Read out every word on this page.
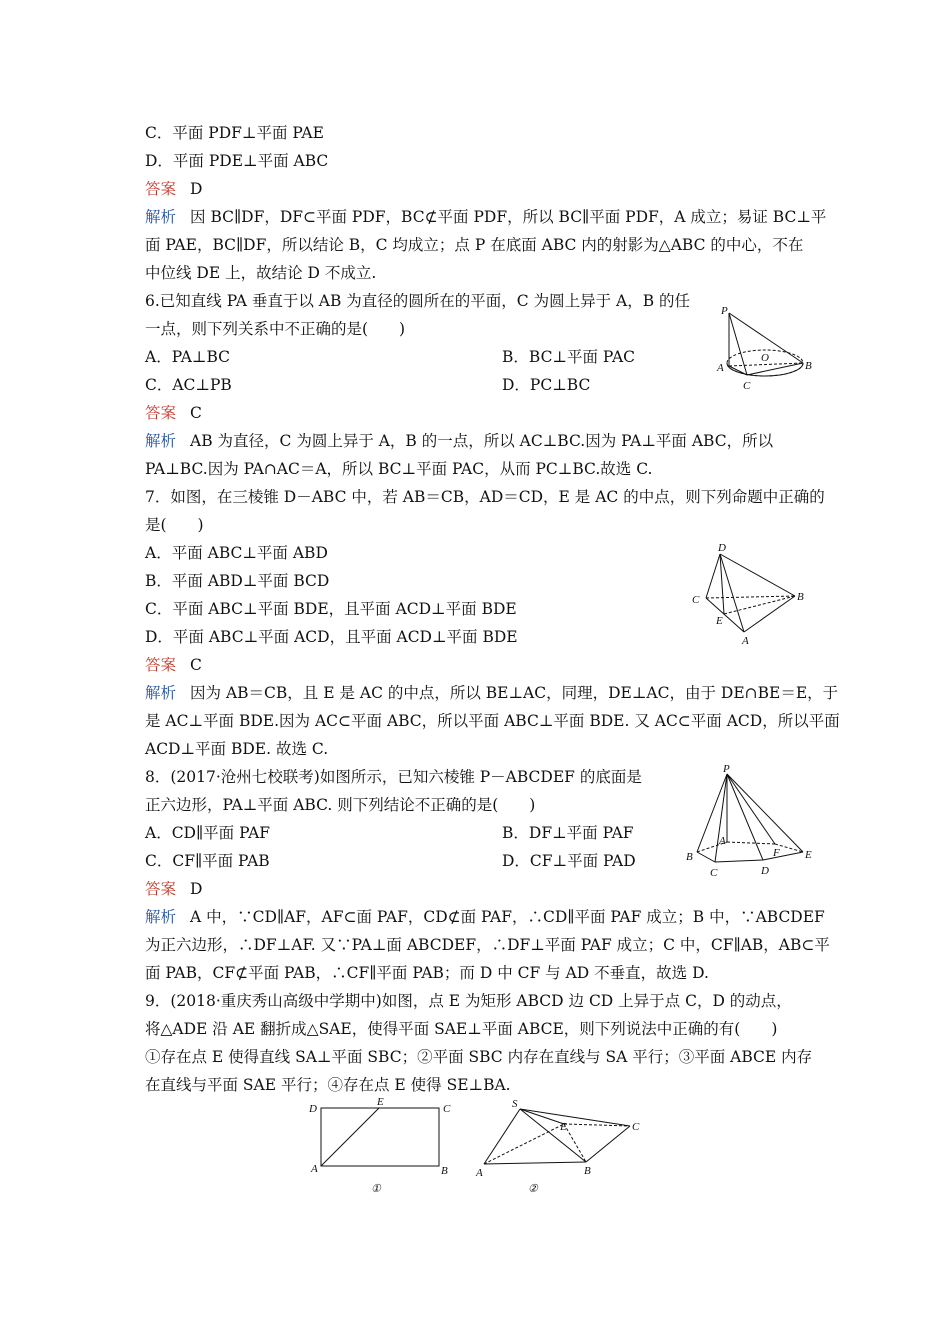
C．平面 PDF⊥平面 PAE
D．平面 PDE⊥平面 ABC
答案 D
解析 因 BC∥DF，DF⊂平面 PDF，BC⊄平面 PDF，所以 BC∥平面 PDF，A 成立；易证 BC⊥平
面 PAE，BC∥DF，所以结论 B，C 均成立；点 P 在底面 ABC 内的射影为△ABC 的中心，不在
中位线 DE 上，故结论 D 不成立.
6.已知直线 PA 垂直于以 AB 为直径的圆所在的平面，C 为圆上异于 A，B 的任
一点，则下列关系中不正确的是(　　)
A．PA⊥BC	B．BC⊥平面 PAC
C．AC⊥PB	D．PC⊥BC
答案 C
解析 AB 为直径，C 为圆上异于 A，B 的一点，所以 AC⊥BC.因为 PA⊥平面 ABC，所以
PA⊥BC.因为 PA∩AC＝A，所以 BC⊥平面 PAC，从而 PC⊥BC.故选 C.
7．如图，在三棱锥 D－ABC 中，若 AB＝CB，AD＝CD，E 是 AC 的中点，则下列命题中正确的
是(　　)
A．平面 ABC⊥平面 ABD
B．平面 ABD⊥平面 BCD
C．平面 ABC⊥平面 BDE，且平面 ACD⊥平面 BDE
D．平面 ABC⊥平面 ACD，且平面 ACD⊥平面 BDE
答案 C
解析 因为 AB＝CB，且 E 是 AC 的中点，所以 BE⊥AC，同理，DE⊥AC，由于 DE∩BE＝E，于
是 AC⊥平面 BDE.因为 AC⊂平面 ABC，所以平面 ABC⊥平面 BDE. 又 AC⊂平面 ACD，所以平面
ACD⊥平面 BDE. 故选 C.
8．(2017·沧州七校联考)如图所示，已知六棱锥 P－ABCDEF 的底面是
正六边形，PA⊥平面 ABC. 则下列结论不正确的是(　　)
A．CD∥平面 PAF	B．DF⊥平面 PAF
C．CF∥平面 PAB	D．CF⊥平面 PAD
答案 D
解析 A 中，∵CD∥AF，AF⊂面 PAF，CD⊄面 PAF，∴CD∥平面 PAF 成立；B 中，∵ABCDEF
为正六边形，∴DF⊥AF. 又∵PA⊥面 ABCDEF，∴DF⊥平面 PAF 成立；C 中，CF∥AB，AB⊂平
面 PAB，CF⊄平面 PAB，∴CF∥平面 PAB；而 D 中 CF 与 AD 不垂直，故选 D.
9．(2018·重庆秀山高级中学期中)如图，点 E 为矩形 ABCD 边 CD 上异于点 C，D 的动点，
将△ADE 沿 AE 翻折成△SAE，使得平面 SAE⊥平面 ABCE，则下列说法中正确的有(　　)
①存在点 E 使得直线 SA⊥平面 SBC；②平面 SBC 内存在直线与 SA 平行；③平面 ABCE 内存
在直线与平面 SAE 平行；④存在点 E 使得 SE⊥BA.
P
O
A	B
C
D
C	B
E
A
P
A
F
B	E
C	D
D
E
C
A	B
①
S
E	C
A	B
②
